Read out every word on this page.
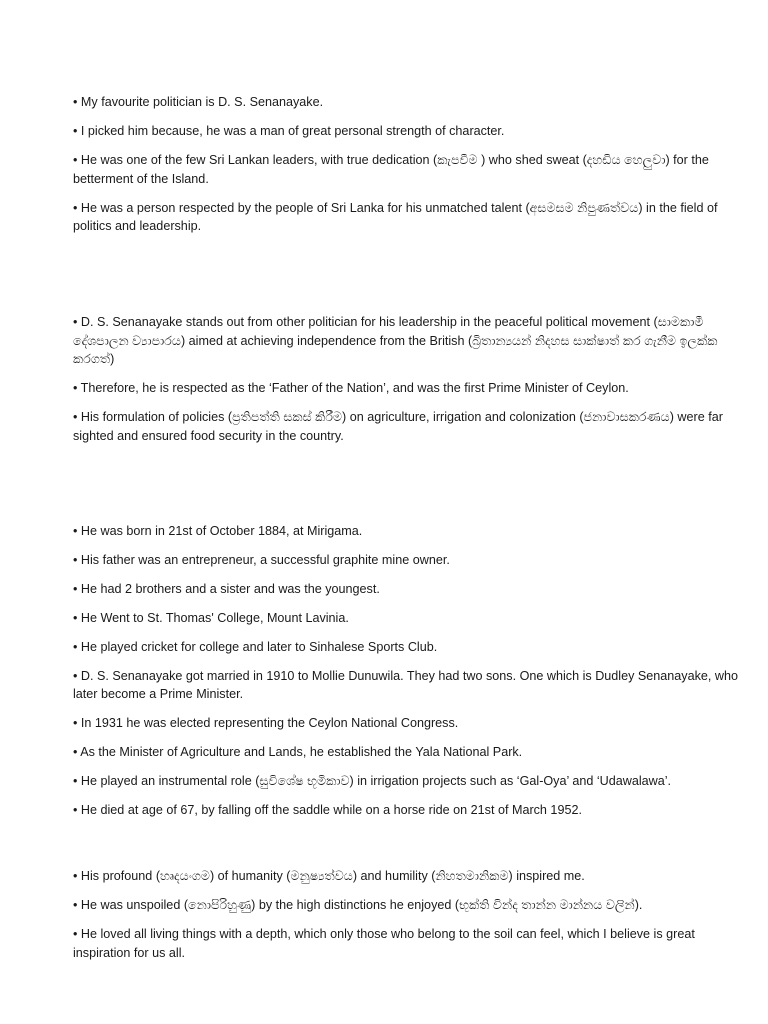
• My favourite politician is D. S. Senanayake.

• I picked him because, he was a man of great personal strength of character.

• He was one of the few Sri Lankan leaders, with true dedication (කැපවීම ) who shed sweat (දහඩිය හෙලුවා) for the betterment of the Island.

• He was a person respected by the people of Sri Lanka for his unmatched talent (අසමසම නිපුණත්වය) in the field of politics and leadership.

• D. S. Senanayake stands out from other politician for his leadership in the peaceful political movement (සාමකාමී දේශපාලන ව්‍යාපාරය) aimed at achieving independence from the British (බ්‍රිතාන්‍යයන් නිදහස සාක්ෂාත් කර ගැනීම ඉලක්ක කරගත්)

• Therefore, he is respected as the ‘Father of the Nation’, and was the first Prime Minister of Ceylon.

• His formulation of policies (ප්‍රතිපත්ති සකස් කිරීම) on agriculture, irrigation and colonization (ජනාවාසකරණය) were far sighted and ensured food security in the country.

• He was born in 21st of October 1884, at Mirigama.

• His father was an entrepreneur, a successful graphite mine owner.

• He had 2 brothers and a sister and was the youngest.

• He Went to St. Thomas' College, Mount Lavinia.

• He played cricket for college and later to Sinhalese Sports Club.

• D. S. Senanayake got married in 1910 to Mollie Dunuwila. They had two sons. One which is Dudley Senanayake, who later become a Prime Minister.

• In 1931 he was elected representing the Ceylon National Congress.

• As the Minister of Agriculture and Lands, he established the Yala National Park.

• He played an instrumental role (සුවිශේෂ භූමිකාව) in irrigation projects such as ‘Gal-Oya’ and ‘Udawalawa’.

• He died at age of 67, by falling off the saddle while on a horse ride on 21st of March 1952.

• His profound (හෘදයංගම) of humanity (මනුෂ්‍යත්වය) and humility (නිහතමානිකම) inspired me.

• He was unspoiled (නොපිරිහුණු) by the high distinctions he enjoyed (භුක්ති වින්ද තාන්න මාන්නය වලින්).

• He loved all living things with a depth, which only those who belong to the soil can feel, which I believe is great inspiration for us all.
